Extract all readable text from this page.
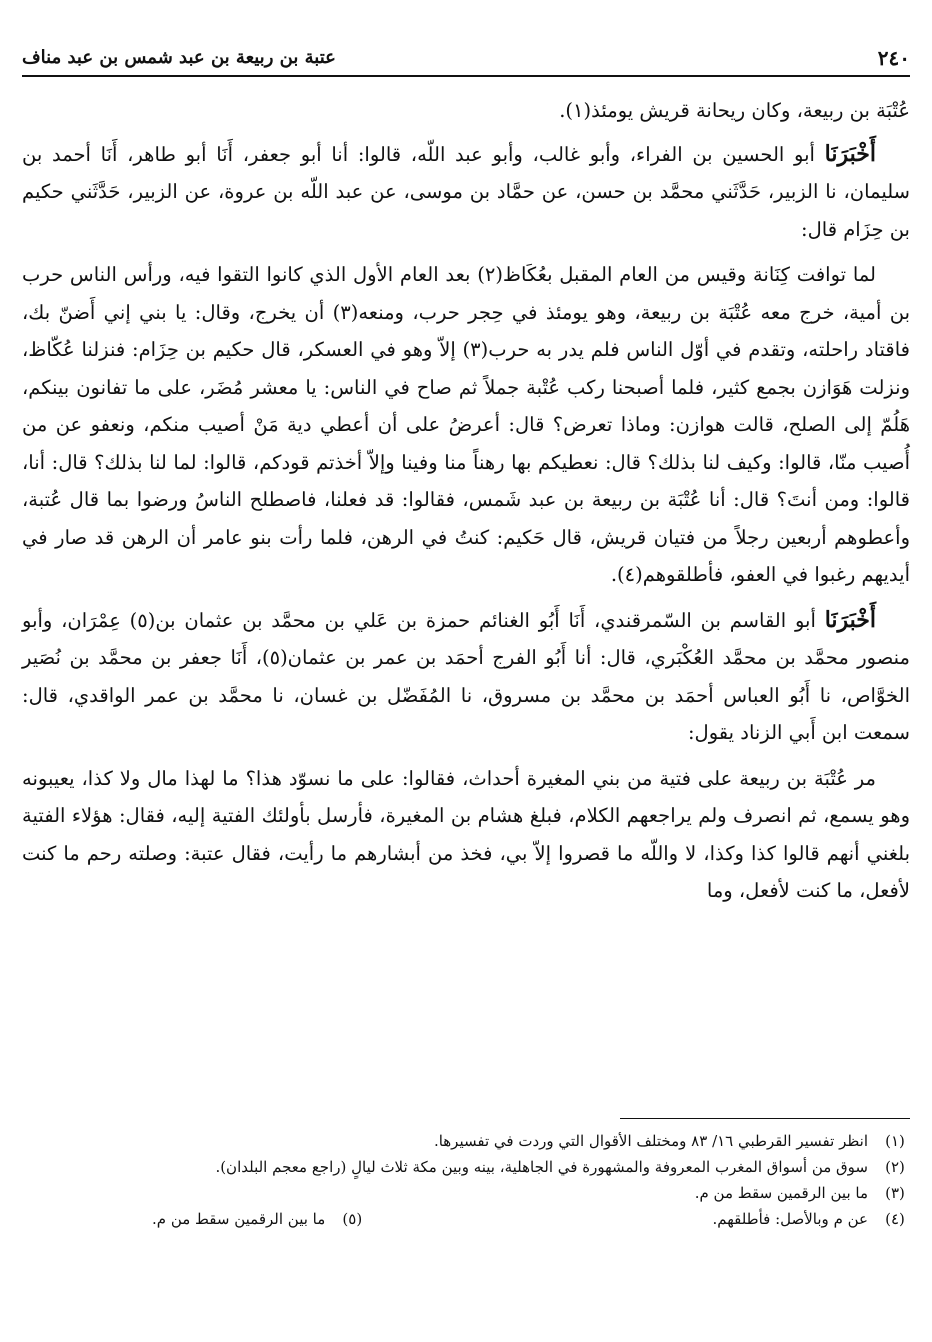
٢٤٠
عتبة بن ربيعة بن عبد شمس بن عبد مناف

عُتْبَة بن ربيعة، وكان ريحانة قريش يومئذ(١).

أَخْبَرَنَا أبو الحسين بن الفراء، وأبو غالب، وأبو عبد اللّه، قالوا: أنا أبو جعفر، أَنَا أبو طاهر، أَنَا أحمد بن سليمان، نا الزبير، حَدَّثَني محمَّد بن حسن، عن حمَّاد بن موسى، عن عبد اللّه بن عروة، عن الزبير، حَدَّثَني حكيم بن حِزَام قال:

لما توافت كِنَانة وقيس من العام المقبل بعُكَاظ(٢) بعد العام الأول الذي كانوا التقوا فيه، ورأس الناس حرب بن أمية، خرج معه عُتْبَة بن ربيعة، وهو يومئذ في حِجر حرب، ومنعه(٣) أن يخرج، وقال: يا بني إني أَضنّ بك، فاقتاد راحلته، وتقدم في أوّل الناس فلم يدر به حرب(٣) إلاّ وهو في العسكر، قال حكيم بن حِزَام: فنزلنا عُكّاظ، ونزلت هَوَازن بجمع كثير، فلما أصبحنا ركب عُتْبة جملاً ثم صاح في الناس: يا معشر مُضَر، على ما تفانون بينكم، هَلُمّ إلى الصلح، قالت هوازن: وماذا تعرض؟ قال: أعرضُ على أن أعطي دية مَنْ أصيب منكم، ونعفو عن من أُصيب منّا، قالوا: وكيف لنا بذلك؟ قال: نعطيكم بها رهناً منا وفينا وإلاّ أخذتم قودكم، قالوا: لما لنا بذلك؟ قال: أنا، قالوا: ومن أنتَ؟ قال: أنا عُتْبَة بن ربيعة بن عبد شَمس، فقالوا: قد فعلنا، فاصطلح الناسُ ورضوا بما قال عُتبة، وأعطوهم أربعين رجلاً من فتيان قريش، قال حَكيم: كنتُ في الرهن، فلما رأت بنو عامر أن الرهن قد صار في أيديهم رغبوا في العفو، فأطلقوهم(٤).

أَخْبَرَنَا أبو القاسم بن السّمرقندي، أَنَا أَبُو الغنائم حمزة بن عَلي بن محمَّد بن عثمان بن(٥) عِمْرَان، وأبو منصور محمَّد بن محمَّد العُكْبَري، قال: أنا أَبُو الفرج أحمَد بن عمر بن عثمان(٥)، أَنَا جعفر بن محمَّد بن نُصَير الخوَّاص، نا أَبُو العباس أحمَد بن محمَّد بن مسروق، نا المُفَضّل بن غسان، نا محمَّد بن عمر الواقدي، قال: سمعت ابن أَبي الزناد يقول:

مر عُتْبَة بن ربيعة على فتية من بني المغيرة أحداث، فقالوا: على ما نسوّد هذا؟ ما لهذا مال ولا كذا، يعيبونه وهو يسمع، ثم انصرف ولم يراجعهم الكلام، فبلغ هشام بن المغيرة، فأرسل بأولئك الفتية إليه، فقال: هؤلاء الفتية بلغني أنهم قالوا كذا وكذا، لا واللّه ما قصروا إلاّ بي، فخذ من أبشارهم ما رأيت، فقال عتبة: وصلته رحم ما كنت لأفعل، ما كنت لأفعل، وما

(١)
انظر تفسير القرطبي ١٦/ ٨٣ ومختلف الأقوال التي وردت في تفسيرها.
(٢)
سوق من أسواق المغرب المعروفة والمشهورة في الجاهلية، بينه وبين مكة ثلاث ليالٍ (راجع معجم البلدان).
(٣)
ما بين الرقمين سقط من م.
(٤)
عن م وبالأصل: فأطلقهم.
(٥)
ما بين الرقمين سقط من م.
